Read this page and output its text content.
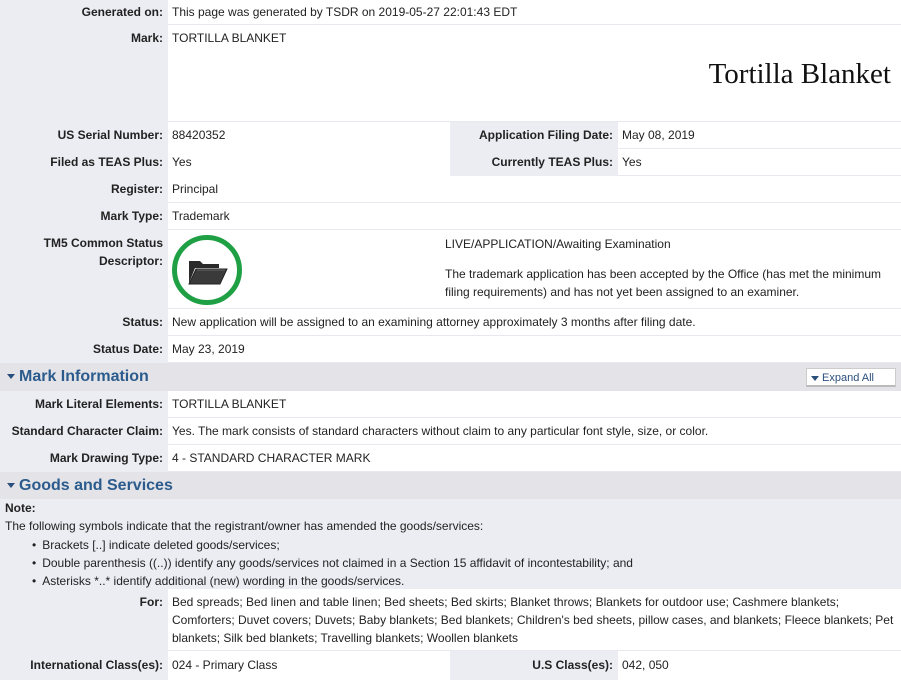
Generated on: This page was generated by TSDR on 2019-05-27 22:01:43 EDT
Mark: TORTILLA BLANKET
Tortilla Blanket
US Serial Number: 88420352	Application Filing Date: May 08, 2019
Filed as TEAS Plus: Yes	Currently TEAS Plus: Yes
Register: Principal
Mark Type: Trademark
TM5 Common Status
Descriptor:
LIVE/APPLICATION/Awaiting Examination
The trademark application has been accepted by the Office (has met the minimum
filing requirements) and has not yet been assigned to an examiner.
Status: New application will be assigned to an examining attorney approximately 3 months after filing date.
Status Date: May 23, 2019
Mark Information	Expand All
Mark Literal Elements: TORTILLA BLANKET
Standard Character Claim: Yes. The mark consists of standard characters without claim to any particular font style, size, or color.
Mark Drawing Type: 4 - STANDARD CHARACTER MARK
Goods and Services
Note:
The following symbols indicate that the registrant/owner has amended the goods/services:
• Brackets [..] indicate deleted goods/services;
• Double parenthesis ((..)) identify any goods/services not claimed in a Section 15 affidavit of incontestability; and
• Asterisks *..* identify additional (new) wording in the goods/services.
For: Bed spreads; Bed linen and table linen; Bed sheets; Bed skirts; Blanket throws; Blankets for outdoor use; Cashmere blankets;
Comforters; Duvet covers; Duvets; Baby blankets; Bed blankets; Children's bed sheets, pillow cases, and blankets; Fleece blankets; Pet
blankets; Silk bed blankets; Travelling blankets; Woollen blankets
International Class(es): 024 - Primary Class	U.S Class(es): 042, 050
